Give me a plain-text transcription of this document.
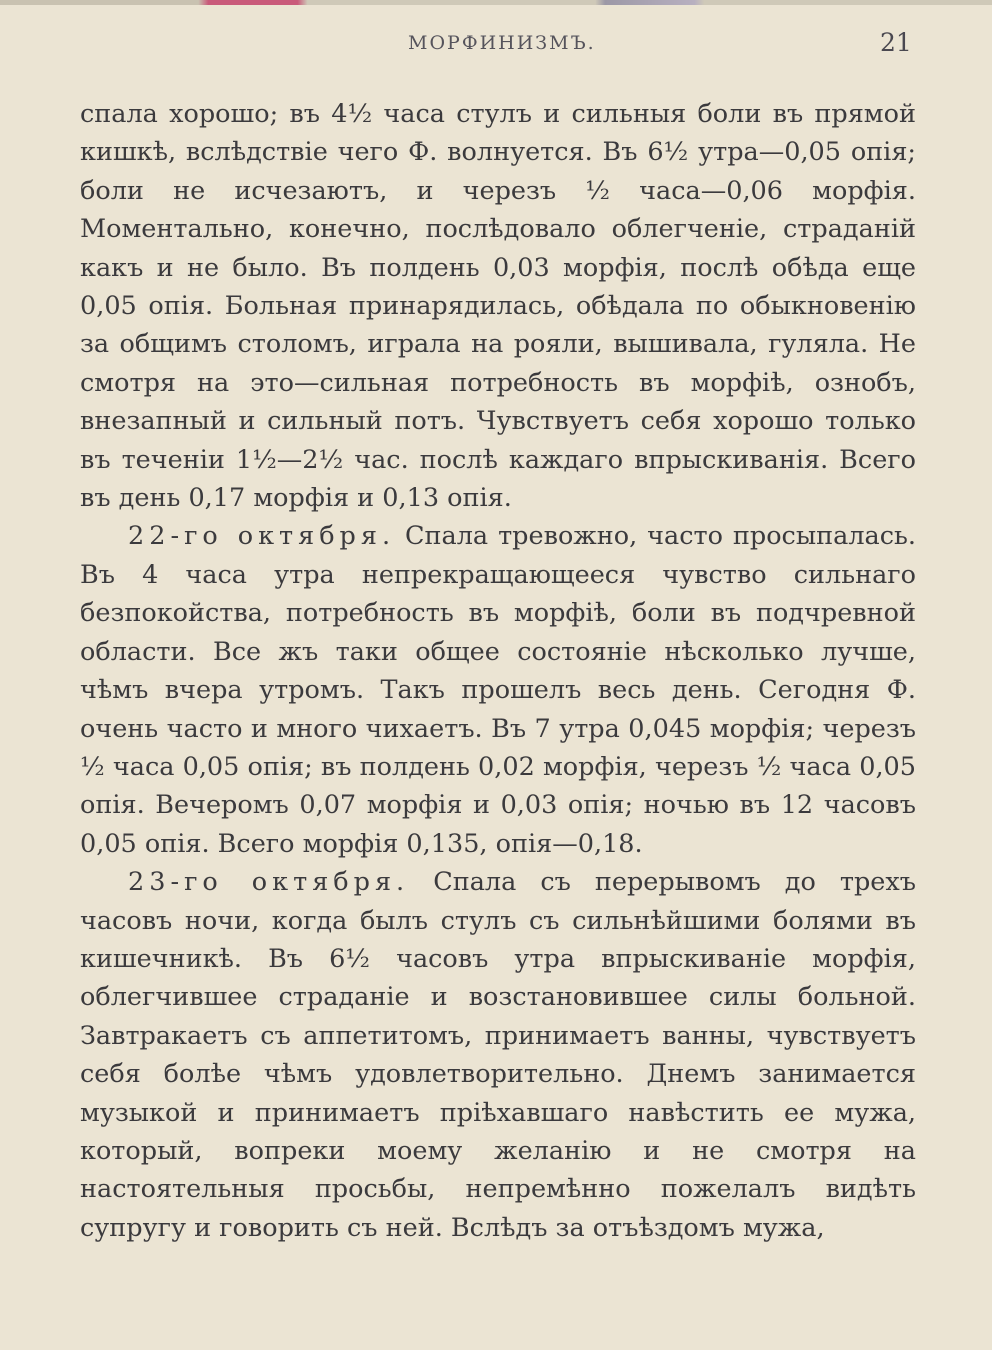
МОРФИНИЗМЪ.	21

спала хорошо; въ 4½ часа стулъ и сильныя боли въ прямой кишкѣ, вслѣдствіе чего Ф. волнуется. Въ 6½ утра—0,05 опія; боли не исчезаютъ, и черезъ ½ часа—0,06 морфія. Моментально, конечно, послѣдовало облегченіе, страданій какъ и не было. Въ полдень 0,03 морфія, послѣ обѣда еще 0,05 опія. Больная принарядилась, обѣдала по обыкновенію за общимъ столомъ, играла на рояли, вышивала, гуляла. Не смотря на это—сильная потребность въ морфіѣ, ознобъ, внезапный и сильный потъ. Чувствуетъ себя хорошо только въ теченіи 1½—2½ час. послѣ каждаго впрыскиванія. Всего въ день 0,17 морфія и 0,13 опія.

22-го октября. Спала тревожно, часто просыпалась. Въ 4 часа утра непрекращающееся чувство сильнаго безпокойства, потребность въ морфіѣ, боли въ подчревной области. Все жъ таки общее состояніе нѣсколько лучше, чѣмъ вчера утромъ. Такъ прошелъ весь день. Сегодня Ф. очень часто и много чихаетъ. Въ 7 утра 0,045 морфія; черезъ ½ часа 0,05 опія; въ полдень 0,02 морфія, черезъ ½ часа 0,05 опія. Вечеромъ 0,07 морфія и 0,03 опія; ночью въ 12 часовъ 0,05 опія. Всего морфія 0,135, опія—0,18.

23-го октября. Спала съ перерывомъ до трехъ часовъ ночи, когда былъ стулъ съ сильнѣйшими болями въ кишечникѣ. Въ 6½ часовъ утра впрыскиваніе морфія, облегчившее страданіе и возстановившее силы больной. Завтракаетъ съ аппетитомъ, принимаетъ ванны, чувствуетъ себя болѣе чѣмъ удовлетворительно. Днемъ занимается музыкой и принимаетъ пріѣхавшаго навѣстить ее мужа, который, вопреки моему желанію и не смотря на настоятельныя просьбы, непремѣнно пожелалъ видѣть супругу и говорить съ ней. Вслѣдъ за отъѣздомъ мужа,
